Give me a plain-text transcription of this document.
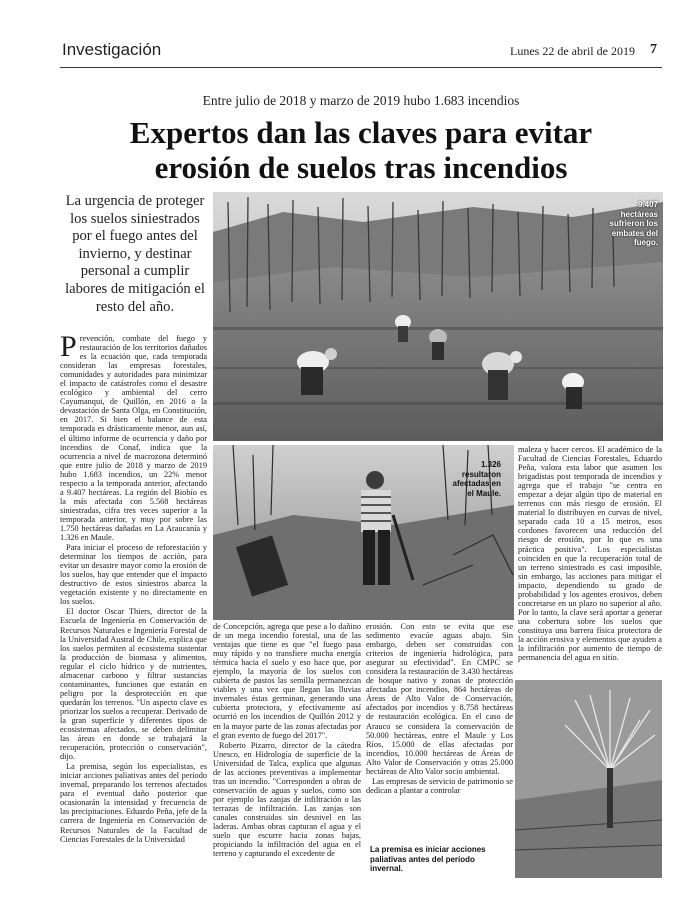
Investigación	Lunes 22 de abril de 2019 7
Entre julio de 2018 y marzo de 2019 hubo 1.683 incendios
Expertos dan las claves para evitar
erosión de suelos tras incendios
La urgencia de proteger los suelos siniestrados por el fuego antes del invierno, y destinar personal a cumplir labores de mitigación el resto del año.
9.407 hectáreas sufrieron los embates del fuego.
1.326 resultaron afectadas en el Maule.
La premisa es iniciar acciones paliativas antes del período invernal.

Prevención, combate del fuego y restauración de los territorios dañados es la ecuación que, cada temporada consideran las empresas forestales, comunidades y autoridades para minimizar el impacto de catástrofes como el desastre ecológico y ambiental del cerro Cayumanqui, de Quillón, en 2016 o la devastación de Santa Olga, en Constitución, en 2017. Si bien el balance de esta temporada es drásticamente menor, aun así, el último informe de ocurrencia y daño por incendios de Conaf, indica que la ocurrencia a nivel de macrozona determinó que entre julio de 2018 y marzo de 2019 hubo 1.683 incendios, un 22% menor respecto a la temporada anterior, afectando a 9.407 hectáreas. La región del Biobío es la más afectada con 5.568 hectáreas siniestradas, cifra tres veces superior a la temporada anterior, y muy por sobre las 1.750 hectáreas dañadas en La Araucanía y 1.326 en Maule.

Para iniciar el proceso de reforestación y determinar los tiempos de acción, para evitar un desastre mayor como la erosión de los suelos, hay que entender que el impacto destructivo de estos siniestros abarca la vegetación existente y no directamente en los suelos.

El doctor Oscar Thiers, director de la Escuela de Ingeniería en Conservación de Recursos Naturales e Ingeniería Forestal de la Universidad Austral de Chile, explica que los suelos permiten al ecosistema sustentar la producción de biomasa y alimentos, regular el ciclo hídrico y de nutrientes, almacenar carbono y filtrar sustancias contaminantes, funciones que estarán en peligro por la desprotección en que quedarán los terrenos. "Un aspecto clave es priorizar los suelos a recuperar. Derivado de la gran superficie y diferentes tipos de ecosistemas afectados, se deben delimitar las áreas en donde se trabajará la recuperación, protección o conservación", dijo.

La premisa, según los especialistas, es iniciar acciones paliativas antes del período invernal, preparando los terrenos afectados para el eventual daño posterior que ocasionarán la intensidad y frecuencia de las precipitaciones. Eduardo Peña, jefe de la carrera de Ingeniería en Conservación de Recursos Naturales de la Facultad de Ciencias Forestales de la Universidad

de Concepción, agrega que pese a lo dañino de un mega incendio forestal, una de las ventajas que tiene es que "el fuego pasa muy rápido y no transfiere mucha energía térmica hacia el suelo y eso hace que, por ejemplo, la mayoría de los suelos con cubierta de pastos las semilla permanezcan viables y una vez que llegan las lluvias invernales éstas germinan, generando una cubierta protectora, y efectivamente así ocurrió en los incendios de Quillón 2012 y en la mayor parte de las zonas afectadas por el gran evento de fuego del 2017".

Roberto Pizarro, director de la cátedra Unesco, en Hidrología de superficie de la Universidad de Talca, explica que algunas de las acciones preventivas a implementar tras un incendio. "Corresponden a obras de conservación de aguas y suelos, como son por ejemplo las zanjas de infiltración o las terrazas de infiltración. Las zanjas son canales construidos sin desnivel en las laderas. Ambas obras capturan el agua y el suelo que escurre hacia zonas bajas, propiciando la infiltración del agua en el terreno y capturando el excedente de

erosión. Con esto se evita que ese sedimento evacúe aguas abajo. Sin embargo, deben ser construidas con criterios de ingeniería hidrológica, para asegurar su efectividad". En CMPC se considera la restauración de 3.430 hectáreas de bosque nativo y zonas de protección afectadas por incendios, 864 hectáreas de Áreas de Alto Valor de Conservación, afectados por incendios y 8.758 hectáreas de restauración ecológica. En el caso de Arauco se considera la conservación de 50.000 hectáreas, entre el Maule y Los Ríos, 15.000 de ellas afectadas por incendios, 10.000 hectáreas de Áreas de Alto Valor de Conservación y otras 25.000 hectáreas de Alto Valor socio ambiental.

Las empresas de servicio de patrimonio se dedican a plantar a controlar

maleza y hacer cercos. El académico de la Facultad de Ciencias Forestales, Eduardo Peña, valora esta labor que asumen los brigadistas post temporada de incendios y agrega que el trabajo "se centra en empezar a dejar algún tipo de material en terrenos con más riesgo de erosión. El material lo distribuyen en curvas de nivel, separado cada 10 a 15 metros, esos cordones favorecen una reducción del riesgo de erosión, por lo que es una práctica positiva". Los especialistas coinciden en que la recuperación total de un terreno siniestrado es casi imposible, sin embargo, las acciones para mitigar el impacto, dependiendo su grado de probabilidad y los agentes erosivos, deben concretarse en un plazo no superior al año. Por lo tanto, la clave será aportar a generar una cobertura sobre los suelos que constituya una barrera física protectora de la acción erosiva y elementos que ayuden a la infiltración por aumento de tiempo de permanencia del agua en sitio.
